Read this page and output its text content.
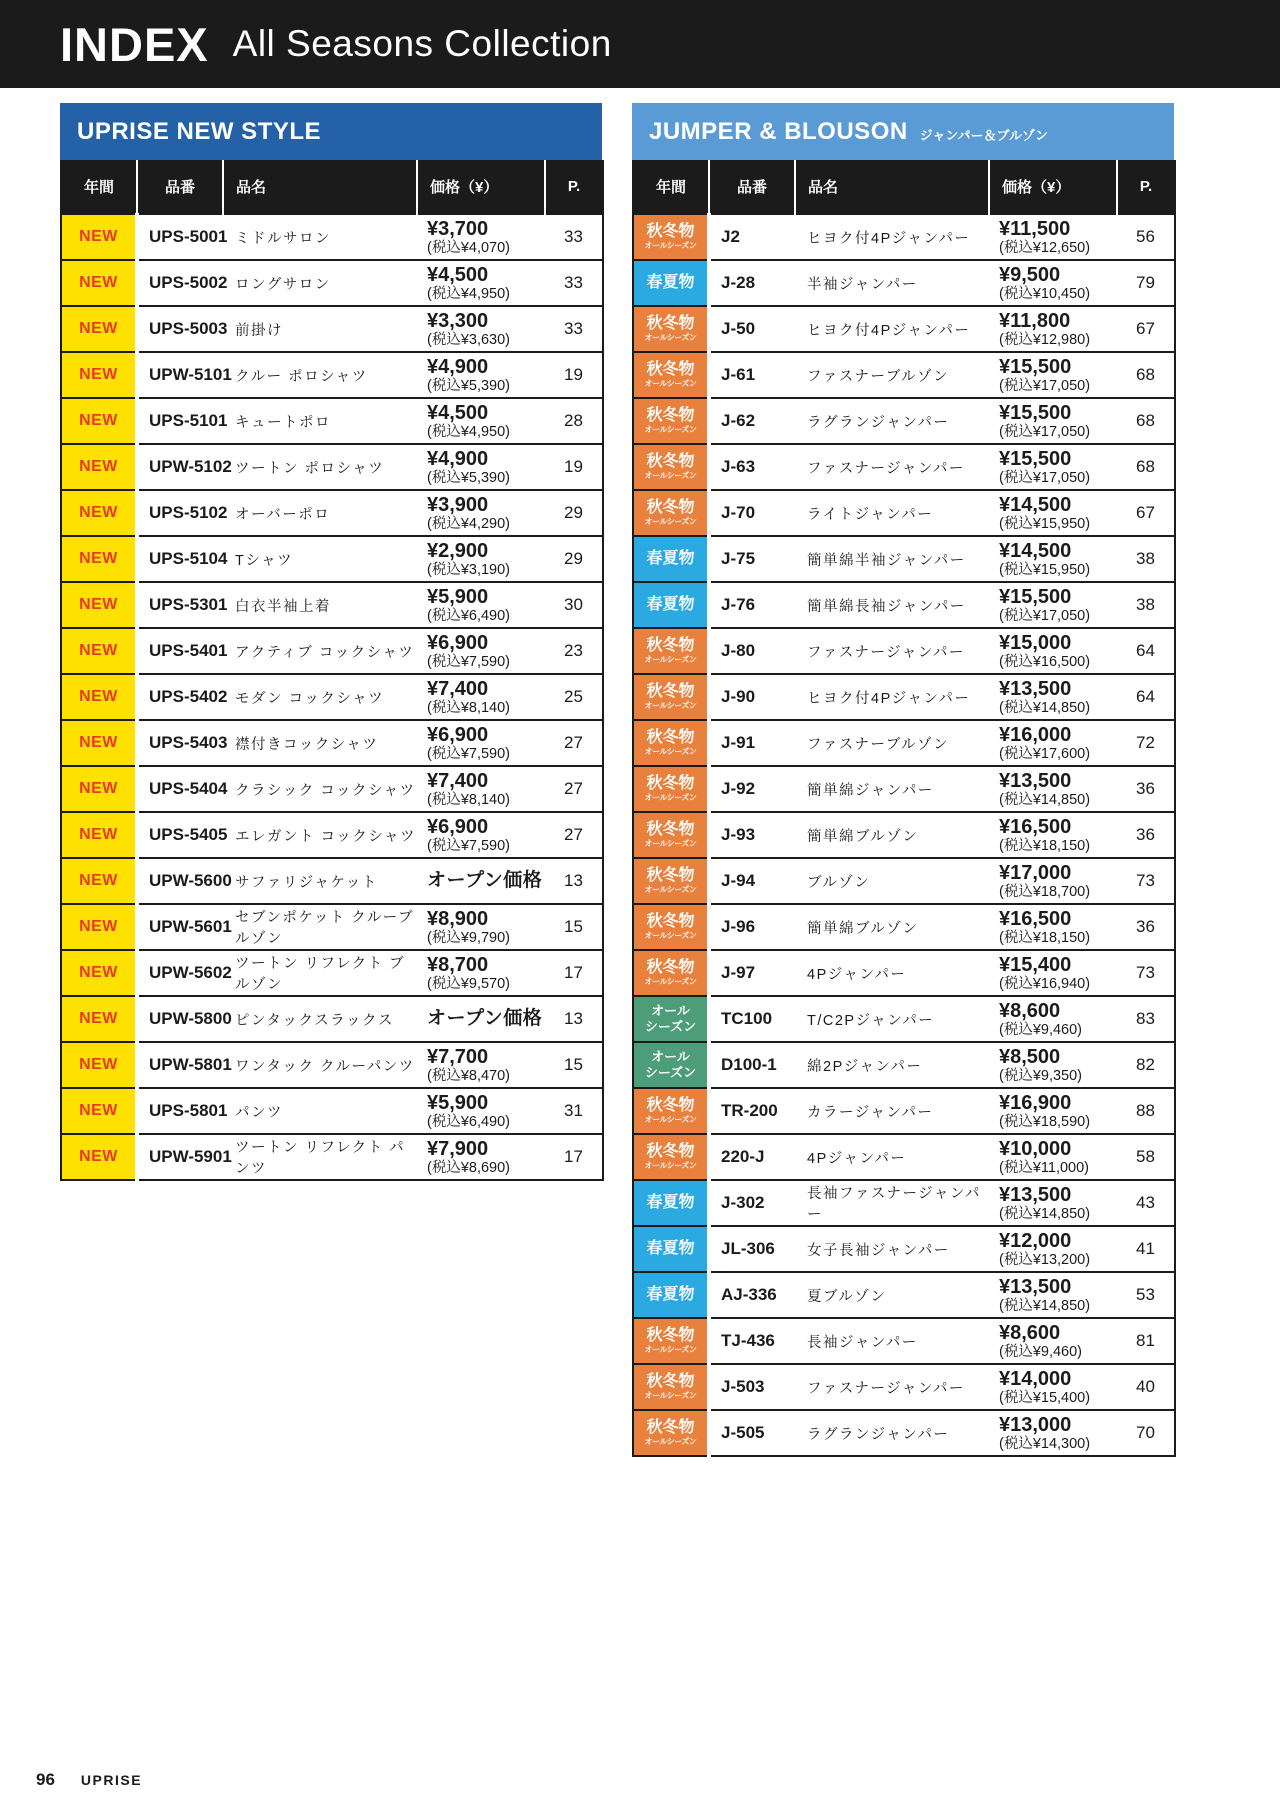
INDEX All Seasons Collection
UPRISE NEW STYLE
年間	品番	品名	価格（¥）	P.
NEW	UPS-5001	ミドルサロン	¥3,700
(税込¥4,070)	33
NEW	UPS-5002	ロングサロン	¥4,500
(税込¥4,950)	33
NEW	UPS-5003	前掛け	¥3,300
(税込¥3,630)	33
NEW	UPW-5101	クルー ポロシャツ	¥4,900
(税込¥5,390)	19
NEW	UPS-5101	キュートポロ	¥4,500
(税込¥4,950)	28
NEW	UPW-5102	ツートン ポロシャツ	¥4,900
(税込¥5,390)	19
NEW	UPS-5102	オーバーポロ	¥3,900
(税込¥4,290)	29
NEW	UPS-5104	Tシャツ	¥2,900
(税込¥3,190)	29
NEW	UPS-5301	白衣半袖上着	¥5,900
(税込¥6,490)	30
NEW	UPS-5401	アクティブ コックシャツ	¥6,900
(税込¥7,590)	23
NEW	UPS-5402	モダン コックシャツ	¥7,400
(税込¥8,140)	25
NEW	UPS-5403	襟付きコックシャツ	¥6,900
(税込¥7,590)	27
NEW	UPS-5404	クラシック コックシャツ	¥7,400
(税込¥8,140)	27
NEW	UPS-5405	エレガント コックシャツ	¥6,900
(税込¥7,590)	27
NEW	UPW-5600	サファリジャケット	オープン価格	13
NEW	UPW-5601	セブンポケット クルーブルゾン	¥8,900
(税込¥9,790)	15
NEW	UPW-5602	ツートン リフレクト ブルゾン	¥8,700
(税込¥9,570)	17
NEW	UPW-5800	ピンタックスラックス	オープン価格	13
NEW	UPW-5801	ワンタック クルーパンツ	¥7,700
(税込¥8,470)	15
NEW	UPS-5801	パンツ	¥5,900
(税込¥6,490)	31
NEW	UPW-5901	ツートン リフレクト パンツ	¥7,900
(税込¥8,690)	17
JUMPER & BLOUSON ジャンパー＆ブルゾン
年間	品番	品名	価格（¥）	P.

秋冬物
オールシーズン	J2	ヒヨク付4Pジャンパー	¥11,500
(税込¥12,650)	56

春夏物	J-28	半袖ジャンパー	¥9,500
(税込¥10,450)	79

秋冬物
オールシーズン	J-50	ヒヨク付4Pジャンパー	¥11,800
(税込¥12,980)	67

秋冬物
オールシーズン	J-61	ファスナーブルゾン	¥15,500
(税込¥17,050)	68

秋冬物
オールシーズン	J-62	ラグランジャンパー	¥15,500
(税込¥17,050)	68

秋冬物
オールシーズン	J-63	ファスナージャンパー	¥15,500
(税込¥17,050)	68

秋冬物
オールシーズン	J-70	ライトジャンパー	¥14,500
(税込¥15,950)	67

春夏物	J-75	簡単綿半袖ジャンパー	¥14,500
(税込¥15,950)	38

春夏物	J-76	簡単綿長袖ジャンパー	¥15,500
(税込¥17,050)	38

秋冬物
オールシーズン	J-80	ファスナージャンパー	¥15,000
(税込¥16,500)	64

秋冬物
オールシーズン	J-90	ヒヨク付4Pジャンパー	¥13,500
(税込¥14,850)	64

秋冬物
オールシーズン	J-91	ファスナーブルゾン	¥16,000
(税込¥17,600)	72

秋冬物
オールシーズン	J-92	簡単綿ジャンパー	¥13,500
(税込¥14,850)	36

秋冬物
オールシーズン	J-93	簡単綿ブルゾン	¥16,500
(税込¥18,150)	36

秋冬物
オールシーズン	J-94	ブルゾン	¥17,000
(税込¥18,700)	73

秋冬物
オールシーズン	J-96	簡単綿ブルゾン	¥16,500
(税込¥18,150)	36

秋冬物
オールシーズン	J-97	4Pジャンパー	¥15,400
(税込¥16,940)	73

オール
シーズン	TC100	T/C2Pジャンパー	¥8,600
(税込¥9,460)	83

オール
シーズン	D100-1	綿2Pジャンパー	¥8,500
(税込¥9,350)	82

秋冬物
オールシーズン	TR-200	カラージャンパー	¥16,900
(税込¥18,590)	88

秋冬物
オールシーズン	220-J	4Pジャンパー	¥10,000
(税込¥11,000)	58

春夏物	J-302	長袖ファスナージャンパー	¥13,500
(税込¥14,850)	43

春夏物	JL-306	女子長袖ジャンパー	¥12,000
(税込¥13,200)	41

春夏物	AJ-336	夏ブルゾン	¥13,500
(税込¥14,850)	53

秋冬物
オールシーズン	TJ-436	長袖ジャンパー	¥8,600
(税込¥9,460)	81

秋冬物
オールシーズン	J-503	ファスナージャンパー	¥14,000
(税込¥15,400)	40

秋冬物
オールシーズン	J-505	ラグランジャンパー	¥13,000
(税込¥14,300)	70
96 UPRISE
